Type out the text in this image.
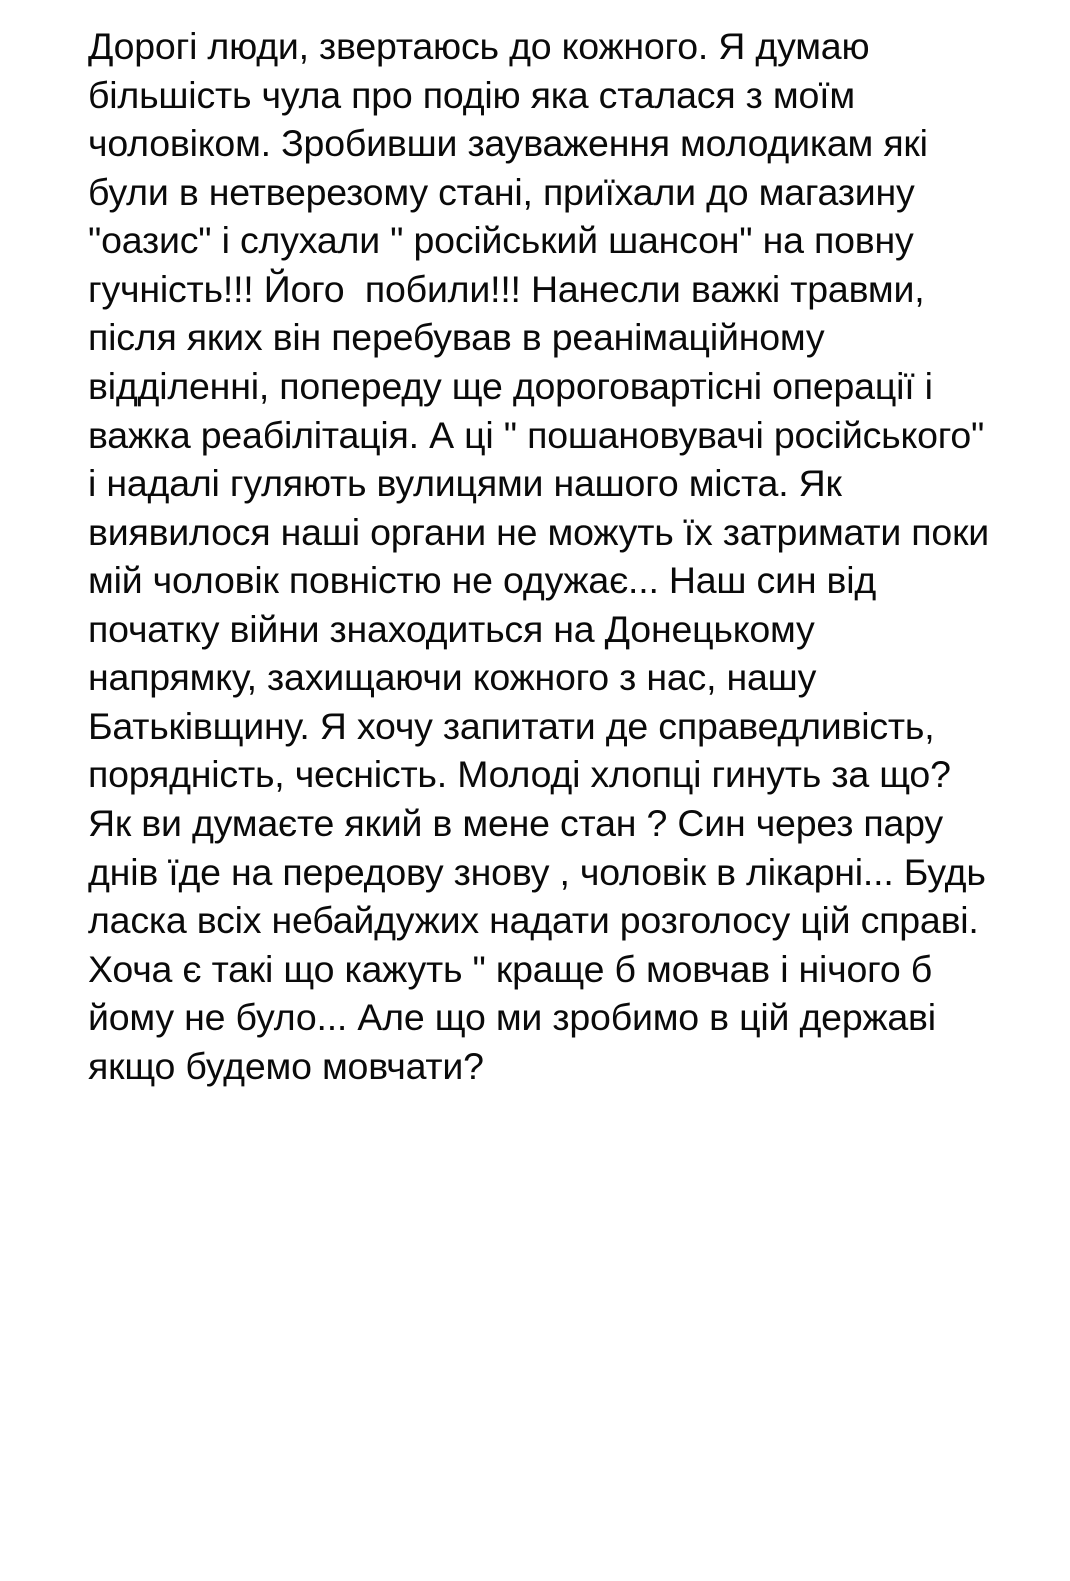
Дорогі люди, звертаюсь до кожного. Я думаю більшість чула про подію яка сталася з моїм чоловіком. Зробивши зауваження молодикам які були в нетверезому стані, приїхали до магазину "оазис" і слухали " російський шансон" на повну гучність!!! Його  побили!!! Нанесли важкі травми, після яких він перебував в реанімаційному відділенні, попереду ще дороговартісні операції і важка реабілітація. А ці " пошановувачі російського" і надалі гуляють вулицями нашого міста. Як виявилося наші органи не можуть їх затримати поки мій чоловік повністю не одужає... Наш син від початку війни знаходиться на Донецькому напрямку, захищаючи кожного з нас, нашу Батьківщину. Я хочу запитати де справедливість, порядність, чесність. Молоді хлопці гинуть за що? Як ви думаєте який в мене стан ? Син через пару днів їде на передову знову , чоловік в лікарні... Будь ласка всіх небайдужих надати розголосу цій справі. Хоча є такі що кажуть " краще б мовчав і нічого б йому не було... Але що ми зробимо в цій державі якщо будемо мовчати?
